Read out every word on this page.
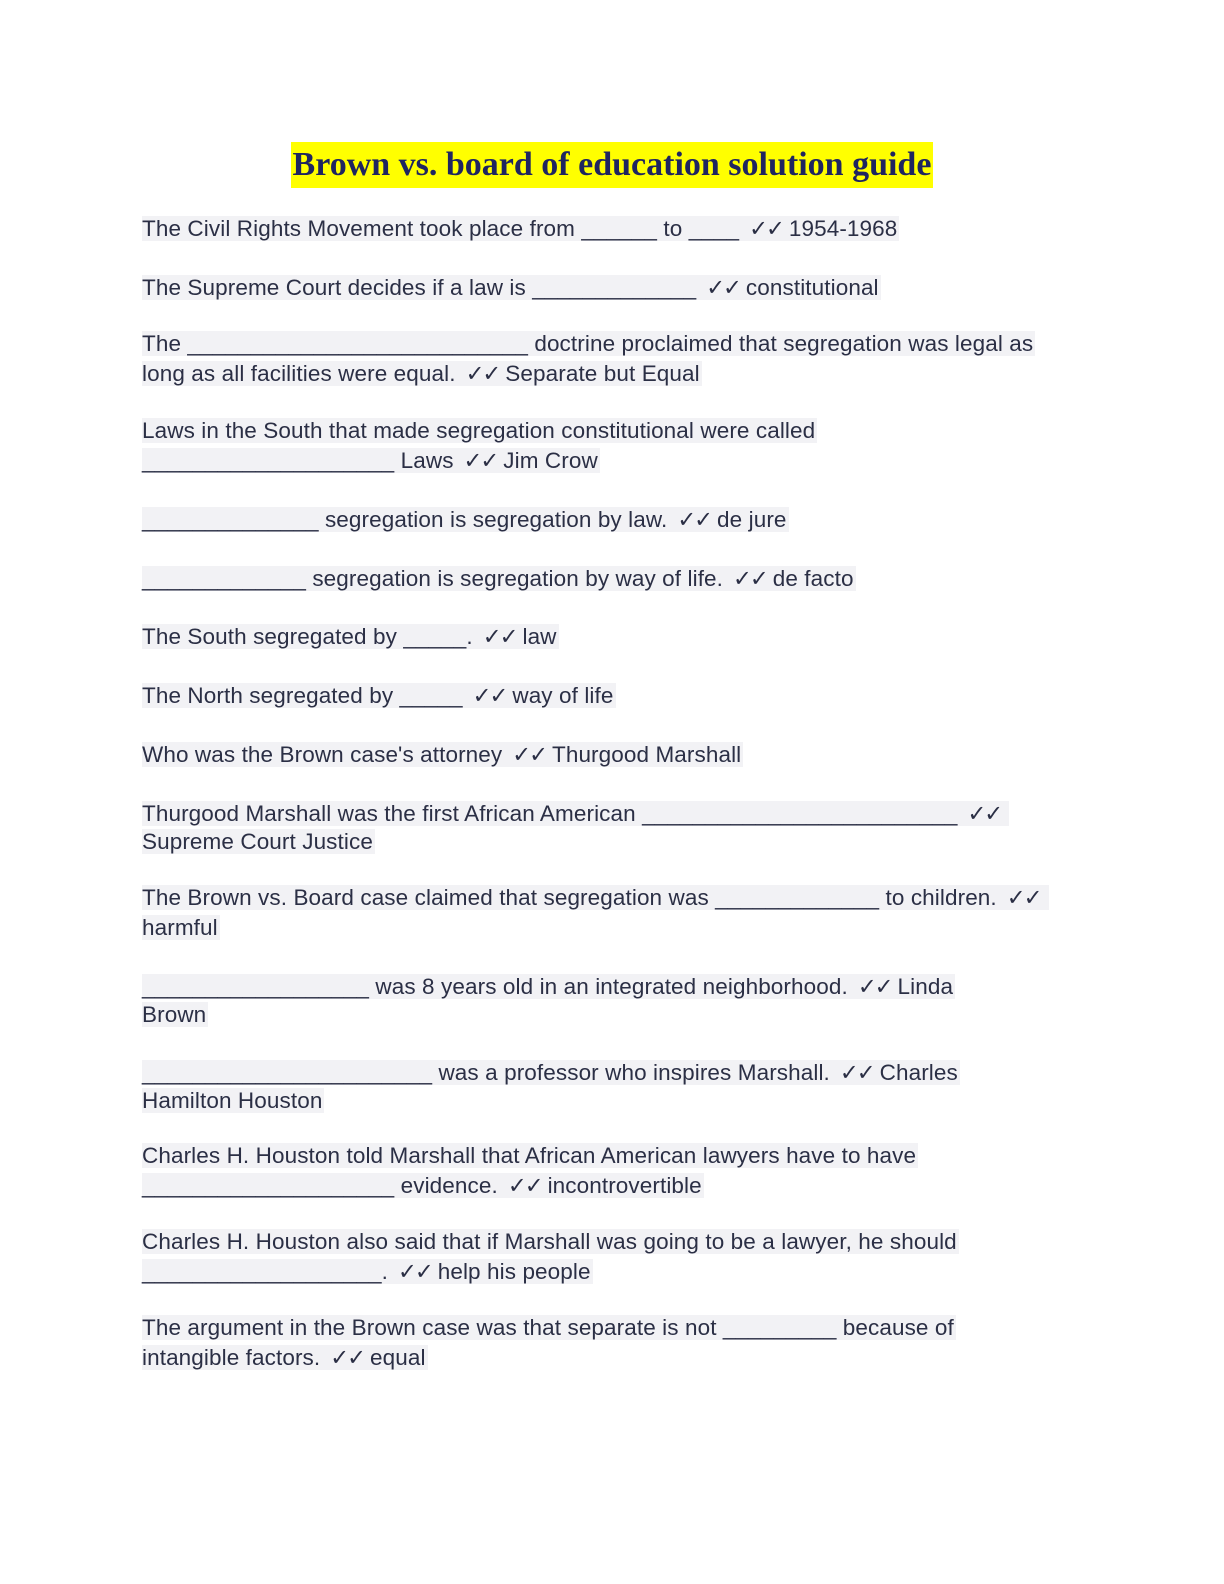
Brown vs. board of education solution guide

The Civil Rights Movement took place from ______ to ____ ✓✓ 1954-1968

The Supreme Court decides if a law is _____________ ✓✓ constitutional

The ___________________________ doctrine proclaimed that segregation was legal as long as all facilities were equal. ✓✓ Separate but Equal

Laws in the South that made segregation constitutional were called ____________________ Laws ✓✓ Jim Crow

______________ segregation is segregation by law. ✓✓ de jure

_____________ segregation is segregation by way of life. ✓✓ de facto

The South segregated by _____. ✓✓ law

The North segregated by _____ ✓✓ way of life

Who was the Brown case's attorney ✓✓ Thurgood Marshall

Thurgood Marshall was the first African American _________________________ ✓✓Supreme Court Justice

The Brown vs. Board case claimed that segregation was _____________ to children. ✓✓harmful

__________________ was 8 years old in an integrated neighborhood. ✓✓ Linda Brown

_______________________ was a professor who inspires Marshall. ✓✓ Charles Hamilton Houston

Charles H. Houston told Marshall that African American lawyers have to have ____________________ evidence. ✓✓ incontrovertible

Charles H. Houston also said that if Marshall was going to be a lawyer, he should ___________________. ✓✓ help his people

The argument in the Brown case was that separate is not _________ because of intangible factors. ✓✓ equal
